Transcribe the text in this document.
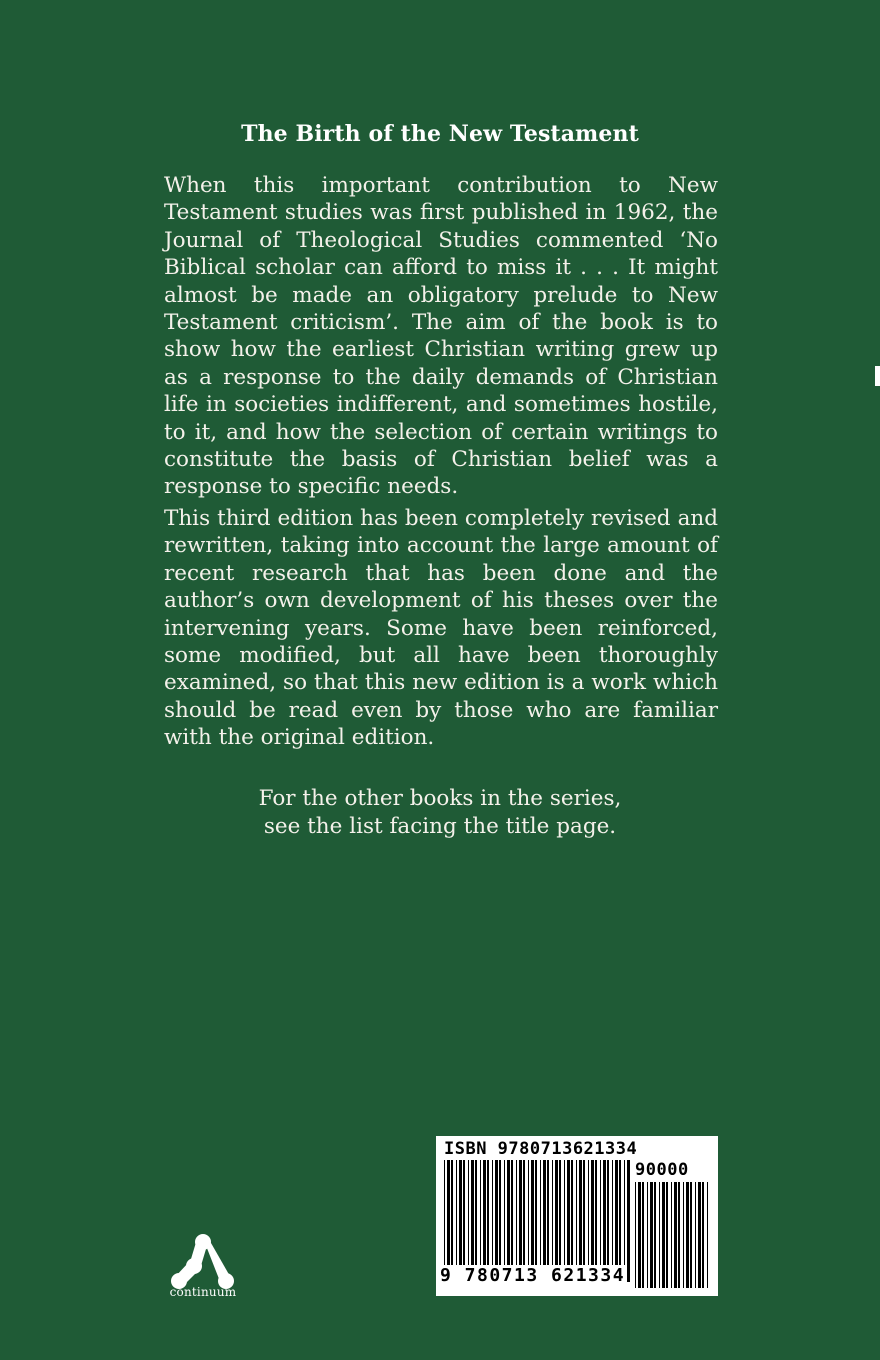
The Birth of the New Testament
When this important contribution to New Testament studies was first published in 1962, the Journal of Theological Studies commented ‘No Biblical scholar can afford to miss it . . . It might almost be made an obligatory prelude to New Testament criticism’. The aim of the book is to show how the earliest Christian writing grew up as a response to the daily demands of Christian life in societies indifferent, and sometimes hostile, to it, and how the selection of certain writings to constitute the basis of Christian belief was a response to specific needs.
This third edition has been completely revised and rewritten, taking into account the large amount of recent research that has been done and the author’s own development of his theses over the intervening years. Some have been reinforced, some modified, but all have been thoroughly examined, so that this new edition is a work which should be read even by those who are familiar with the original edition.
For the other books in the series,
see the list facing the title page.
continuum
ISBN 9780713621334
90000
9 780713 621334
